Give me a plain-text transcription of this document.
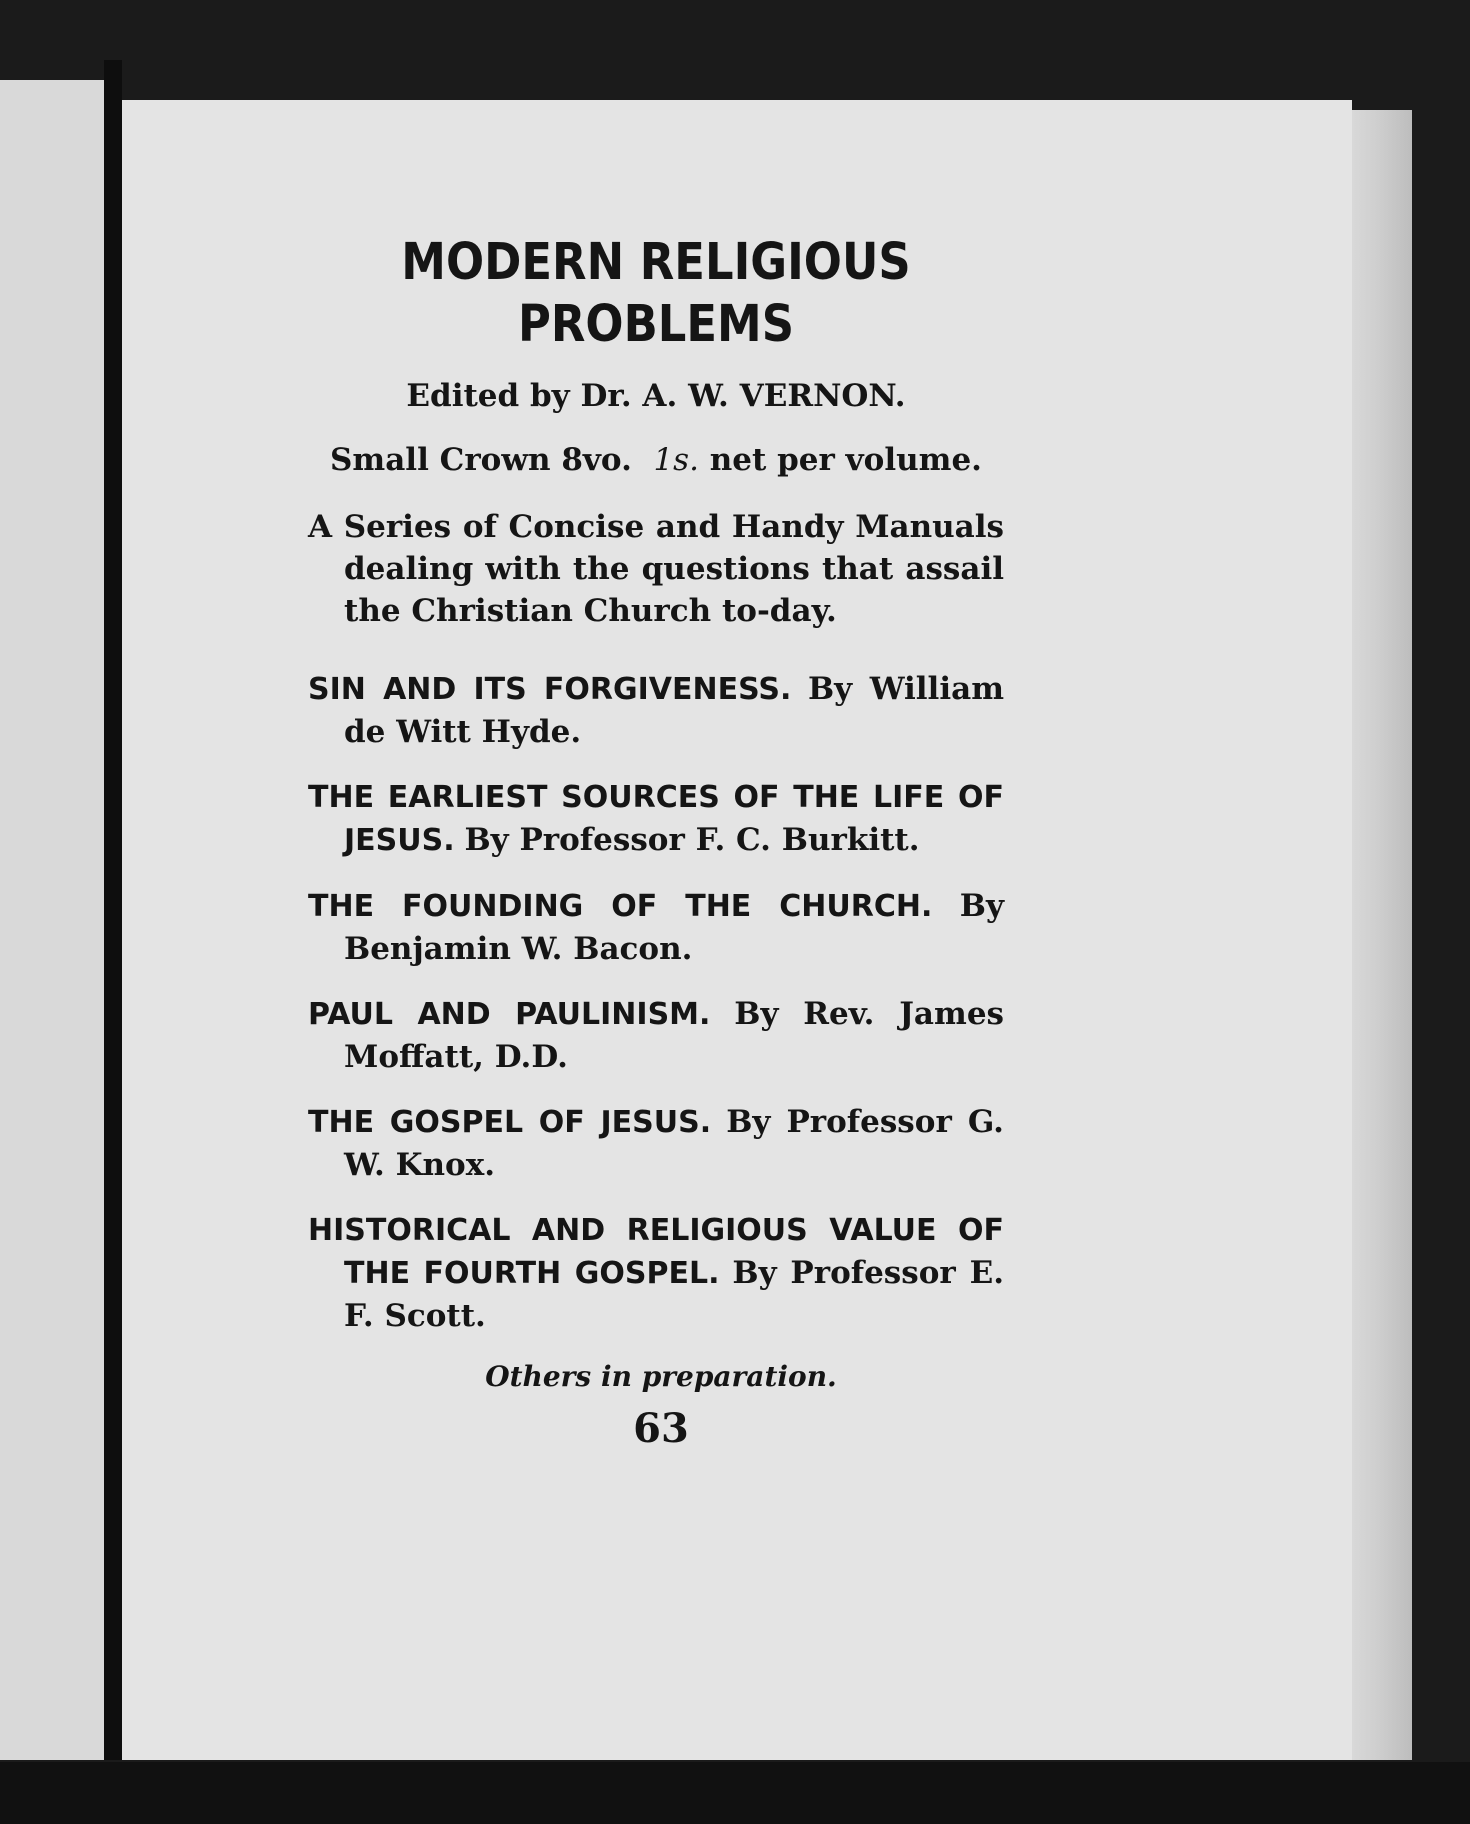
MODERN RELIGIOUS
PROBLEMS
Edited by Dr. A. W. VERNON.
Small Crown 8vo. 1s. net per volume.
A Series of Concise and Handy Manuals dealing with the questions that assail the Christian Church to-day.
SIN AND ITS FORGIVENESS. By William de Witt Hyde.
THE EARLIEST SOURCES OF THE LIFE OF JESUS. By Professor F. C. Burkitt.
THE FOUNDING OF THE CHURCH. By Benjamin W. Bacon.
PAUL AND PAULINISM. By Rev. James Moffatt, D.D.
THE GOSPEL OF JESUS. By Professor G. W. Knox.
HISTORICAL AND RELIGIOUS VALUE OF THE FOURTH GOSPEL. By Professor E. F. Scott.
Others in preparation.
63
